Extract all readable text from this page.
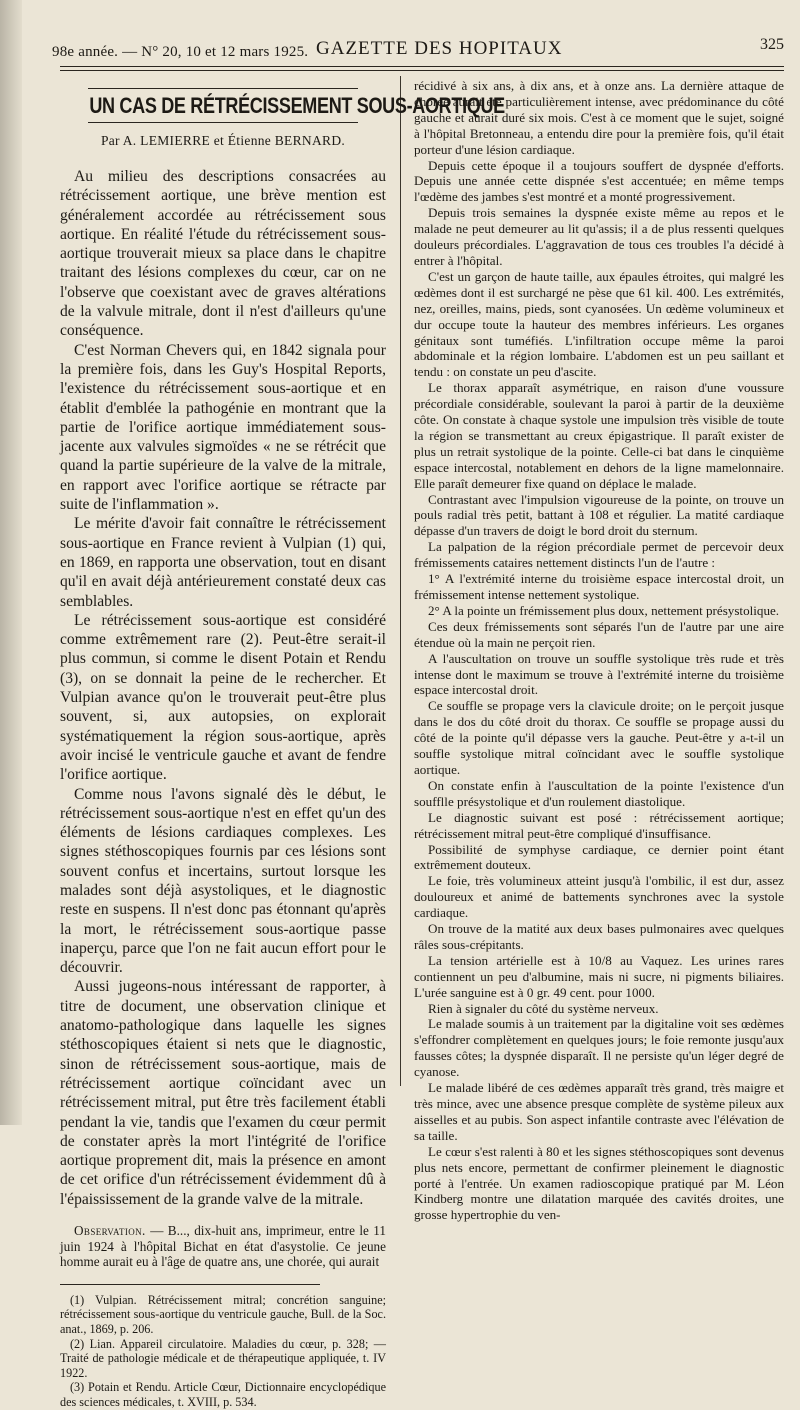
98e année. — N° 20, 10 et 12 mars 1925. GAZETTE DES HOPITAUX	325
UN CAS DE RÉTRÉCISSEMENT SOUS-AORTIQUE
Par A. LEMIERRE et Étienne BERNARD.

Au milieu des descriptions consacrées au rétrécissement aortique, une brève mention est généralement accordée au rétrécissement sous aortique. En réalité l'étude du rétrécissement sous-aortique trouverait mieux sa place dans le chapitre traitant des lésions complexes du cœur, car on ne l'observe que coexistant avec de graves altérations de la valvule mitrale, dont il n'est d'ailleurs qu'une conséquence.

C'est Norman Chevers qui, en 1842 signala pour la première fois, dans les Guy's Hospital Reports, l'existence du rétrécissement sous-aortique et en établit d'emblée la pathogénie en montrant que la partie de l'orifice aortique immédiatement sous-jacente aux valvules sigmoïdes « ne se rétrécit que quand la partie supérieure de la valve de la mitrale, en rapport avec l'orifice aortique se rétracte par suite de l'inflammation ».

Le mérite d'avoir fait connaître le rétrécissement sous-aortique en France revient à Vulpian (1) qui, en 1869, en rapporta une observation, tout en disant qu'il en avait déjà antérieurement constaté deux cas semblables.

Le rétrécissement sous-aortique est considéré comme extrêmement rare (2). Peut-être serait-il plus commun, si comme le disent Potain et Rendu (3), on se donnait la peine de le rechercher. Et Vulpian avance qu'on le trouverait peut-être plus souvent, si, aux autopsies, on explorait systématiquement la région sous-aortique, après avoir incisé le ventricule gauche et avant de fendre l'orifice aortique.

Comme nous l'avons signalé dès le début, le rétrécissement sous-aortique n'est en effet qu'un des éléments de lésions cardiaques complexes. Les signes stéthoscopiques fournis par ces lésions sont souvent confus et incertains, surtout lorsque les malades sont déjà asystoliques, et le diagnostic reste en suspens. Il n'est donc pas étonnant qu'après la mort, le rétrécissement sous-aortique passe inaperçu, parce que l'on ne fait aucun effort pour le découvrir.

Aussi jugeons-nous intéressant de rapporter, à titre de document, une observation clinique et anatomo-pathologique dans laquelle les signes stéthoscopiques étaient si nets que le diagnostic, sinon de rétrécissement sous-aortique, mais de rétrécissement aortique coïncidant avec un rétrécissement mitral, put être très facilement établi pendant la vie, tandis que l'examen du cœur permit de constater après la mort l'intégrité de l'orifice aortique proprement dit, mais la présence en amont de cet orifice d'un rétrécissement évidemment dû à l'épaississement de la grande valve de la mitrale.

Observation. — B..., dix-huit ans, imprimeur, entre le 11 juin 1924 à l'hôpital Bichat en état d'asystolie. Ce jeune homme aurait eu à l'âge de quatre ans, une chorée, qui aurait

(1) Vulpian. Rétrécissement mitral; concrétion sanguine; rétrécissement sous-aortique du ventricule gauche, Bull. de la Soc. anat., 1869, p. 206.

(2) Lian. Appareil circulatoire. Maladies du cœur, p. 328; — Traité de pathologie médicale et de thérapeutique appliquée, t. IV 1922.

(3) Potain et Rendu. Article Cœur, Dictionnaire encyclopédique des sciences médicales, t. XVIII, p. 534.

récidivé à six ans, à dix ans, et à onze ans. La dernière attaque de chorée aurait été particulièrement intense, avec prédominance du côté gauche et aurait duré six mois. C'est à ce moment que le sujet, soigné à l'hôpital Bretonneau, a entendu dire pour la première fois, qu'il était porteur d'une lésion cardiaque.

Depuis cette époque il a toujours souffert de dyspnée d'efforts. Depuis une année cette dispnée s'est accentuée; en même temps l'œdème des jambes s'est montré et a monté progressivement.

Depuis trois semaines la dyspnée existe même au repos et le malade ne peut demeurer au lit qu'assis; il a de plus ressenti quelques douleurs précordiales. L'aggravation de tous ces troubles l'a décidé à entrer à l'hôpital.

C'est un garçon de haute taille, aux épaules étroites, qui malgré les œdèmes dont il est surchargé ne pèse que 61 kil. 400. Les extrémités, nez, oreilles, mains, pieds, sont cyanosées. Un œdème volumineux et dur occupe toute la hauteur des membres inférieurs. Les organes génitaux sont tuméfiés. L'infiltration occupe même la paroi abdominale et la région lombaire. L'abdomen est un peu saillant et tendu : on constate un peu d'ascite.

Le thorax apparaît asymétrique, en raison d'une voussure précordiale considérable, soulevant la paroi à partir de la deuxième côte. On constate à chaque systole une impulsion très visible de toute la région se transmettant au creux épigastrique. Il paraît exister de plus un retrait systolique de la pointe. Celle-ci bat dans le cinquième espace intercostal, notablement en dehors de la ligne mamelonnaire. Elle paraît demeurer fixe quand on déplace le malade.

Contrastant avec l'impulsion vigoureuse de la pointe, on trouve un pouls radial très petit, battant à 108 et régulier. La matité cardiaque dépasse d'un travers de doigt le bord droit du sternum.

La palpation de la région précordiale permet de percevoir deux frémissements cataires nettement distincts l'un de l'autre :

1° A l'extrémité interne du troisième espace intercostal droit, un frémissement intense nettement systolique.

2° A la pointe un frémissement plus doux, nettement présystolique.

Ces deux frémissements sont séparés l'un de l'autre par une aire étendue où la main ne perçoit rien.

A l'auscultation on trouve un souffle systolique très rude et très intense dont le maximum se trouve à l'extrémité interne du troisième espace intercostal droit.

Ce souffle se propage vers la clavicule droite; on le perçoit jusque dans le dos du côté droit du thorax. Ce souffle se propage aussi du côté de la pointe qu'il dépasse vers la gauche. Peut-être y a-t-il un souffle systolique mitral coïncidant avec le souffle systolique aortique.

On constate enfin à l'auscultation de la pointe l'existence d'un soufflle présystolique et d'un roulement diastolique.

Le diagnostic suivant est posé : rétrécissement aortique; rétrécissement mitral peut-être compliqué d'insuffisance.

Possibilité de symphyse cardiaque, ce dernier point étant extrêmement douteux.

Le foie, très volumineux atteint jusqu'à l'ombilic, il est dur, assez douloureux et animé de battements synchrones avec la systole cardiaque.

On trouve de la matité aux deux bases pulmonaires avec quelques râles sous-crépitants.

La tension artérielle est à 10/8 au Vaquez. Les urines rares contiennent un peu d'albumine, mais ni sucre, ni pigments biliaires. L'urée sanguine est à 0 gr. 49 cent. pour 1000.

Rien à signaler du côté du système nerveux.

Le malade soumis à un traitement par la digitaline voit ses œdèmes s'effondrer complètement en quelques jours; le foie remonte jusqu'aux fausses côtes; la dyspnée disparaît. Il ne persiste qu'un léger degré de cyanose.

Le malade libéré de ces œdèmes apparaît très grand, très maigre et très mince, avec une absence presque complète de système pileux aux aisselles et au pubis. Son aspect infantile contraste avec l'élévation de sa taille.

Le cœur s'est ralenti à 80 et les signes stéthoscopiques sont devenus plus nets encore, permettant de confirmer pleinement le diagnostic porté à l'entrée. Un examen radioscopique pratiqué par M. Léon Kindberg montre une dilatation marquée des cavités droites, une grosse hypertrophie du ven-
